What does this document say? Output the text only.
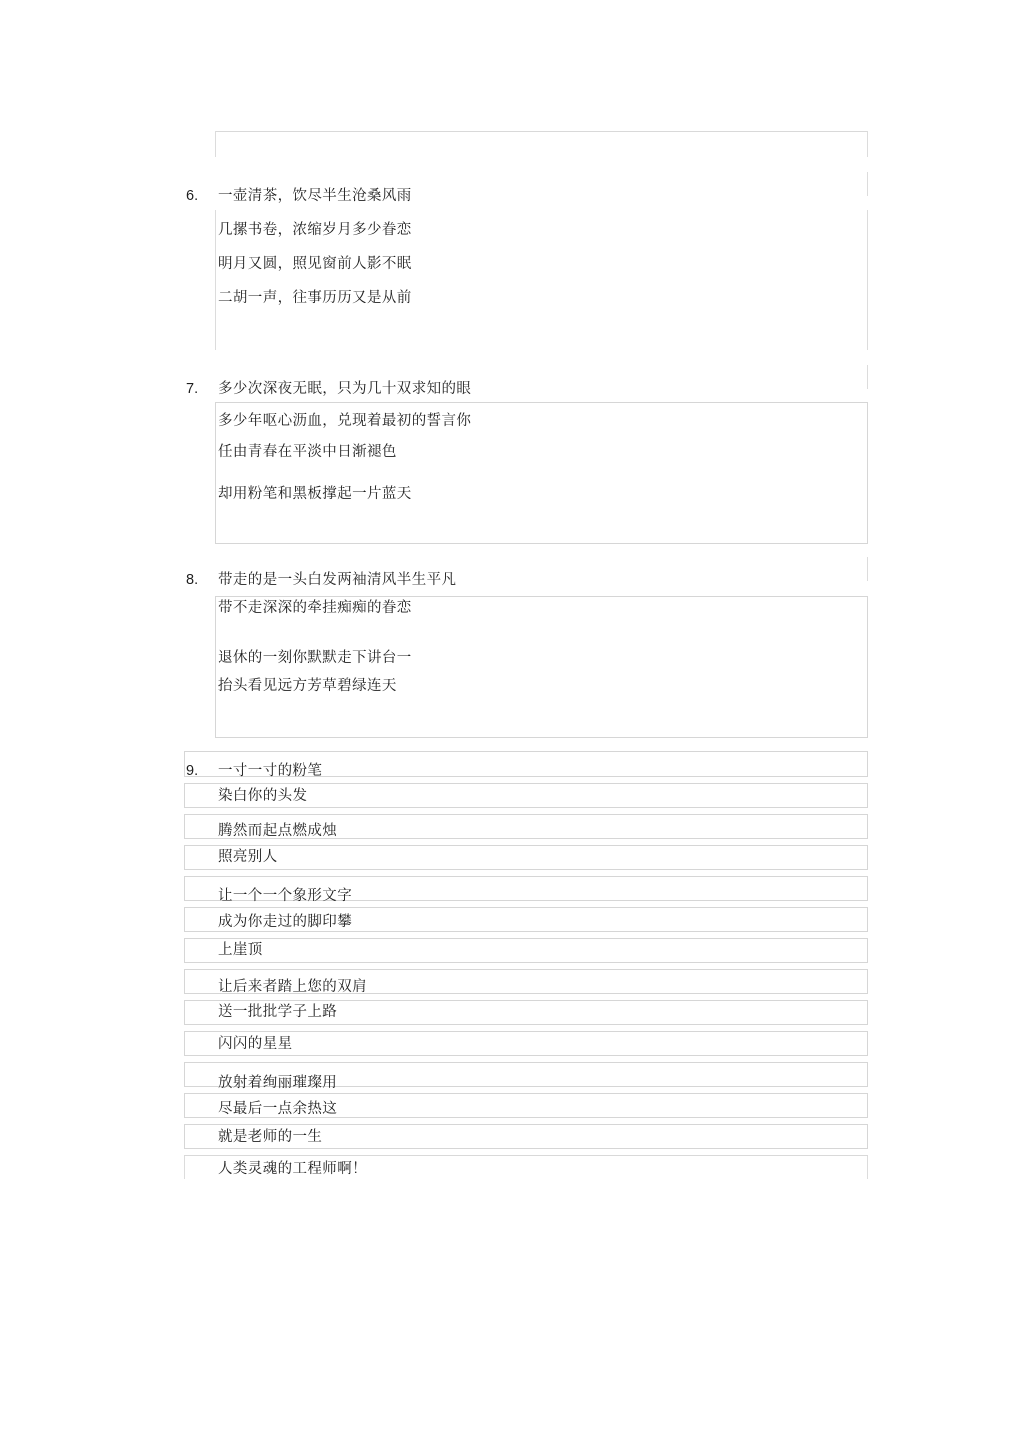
6. 一壶清茶，饮尽半生沧桑风雨
几摞书卷，浓缩岁月多少眷恋
明月又圆，照见窗前人影不眠
二胡一声，往事历历又是从前
7. 多少次深夜无眠，只为几十双求知的眼
多少年呕心沥血，兑现着最初的誓言你
任由青春在平淡中日渐褪色
却用粉笔和黑板撑起一片蓝天
8. 带走的是一头白发两袖清风半生平凡
带不走深深的牵挂痴痴的眷恋
退休的一刻你默默走下讲台一
抬头看见远方芳草碧绿连天
9. 一寸一寸的粉笔
染白你的头发
腾然而起点燃成烛
照亮别人
让一个一个象形文字
成为你走过的脚印攀
上崖顶
让后来者踏上您的双肩
送一批批学子上路
闪闪的星星
放射着绚丽璀璨用
尽最后一点余热这
就是老师的一生
人类灵魂的工程师啊！
